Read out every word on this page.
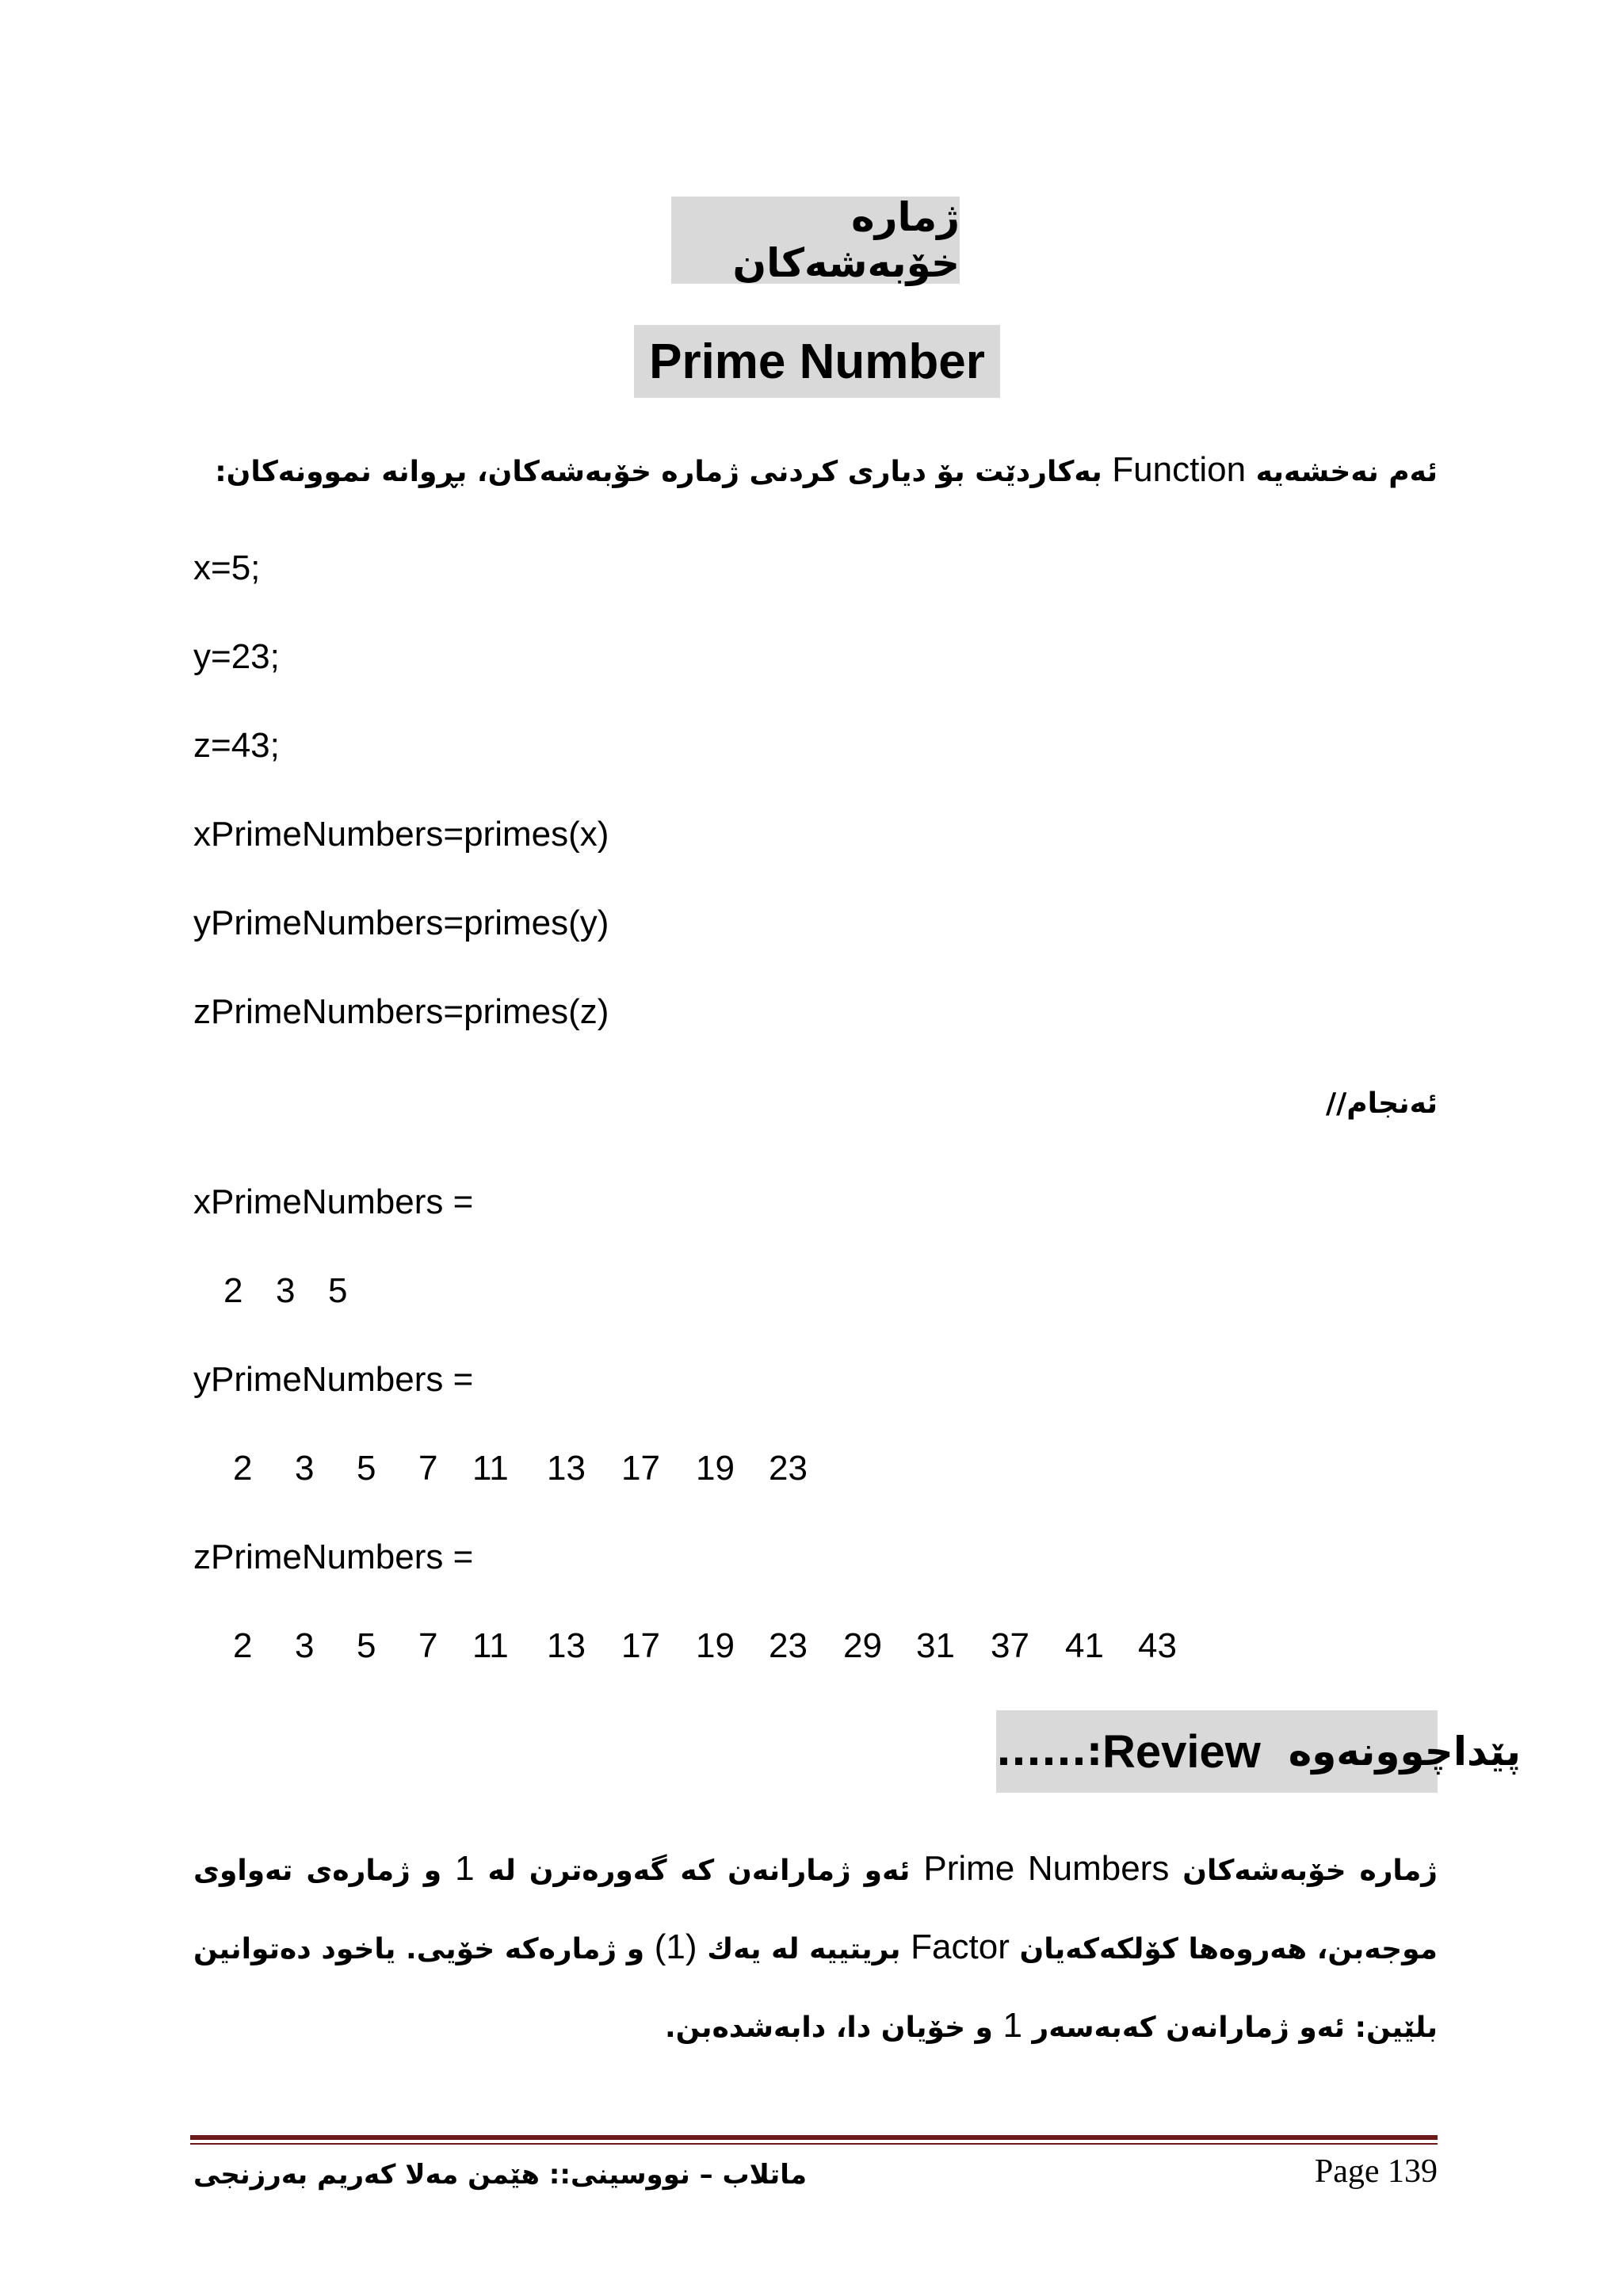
ژمارە خۆبەشەکان
Prime Number
ئەم نەخشەیە Function بەکاردێت بۆ دیاری کردنی ژمارە خۆبەشەکان، بڕوانە نموونەکان:
x=5;
y=23;
z=43;
xPrimeNumbers=primes(x)
yPrimeNumbers=primes(y)
zPrimeNumbers=primes(z)
ئەنجام//
xPrimeNumbers =
2 3 5
yPrimeNumbers =
2 3 5 7 11 13 17 19 23
zPrimeNumbers =
2 3 5 7 11 13 17 19 23 29 31 37 41 43
پێداچوونەوە

Review
:......
ژمارە خۆبەشەکان Prime Numbers ئەو ژمارانەن کە گەورەترن لە 1 و ژمارەی تەواوی موجەبن، هەروەها کۆلکەکەیان Factor بریتییە لە یەك (1) و ژمارەکە خۆیی. یاخود دەتوانین بلێین: ئەو ژمارانەن کەبەسەر 1 و خۆیان دا، دابەشدەبن.
ماتلاب – نووسینی:: هێمن مەلا کەریم بەرزنجی	Page 139
